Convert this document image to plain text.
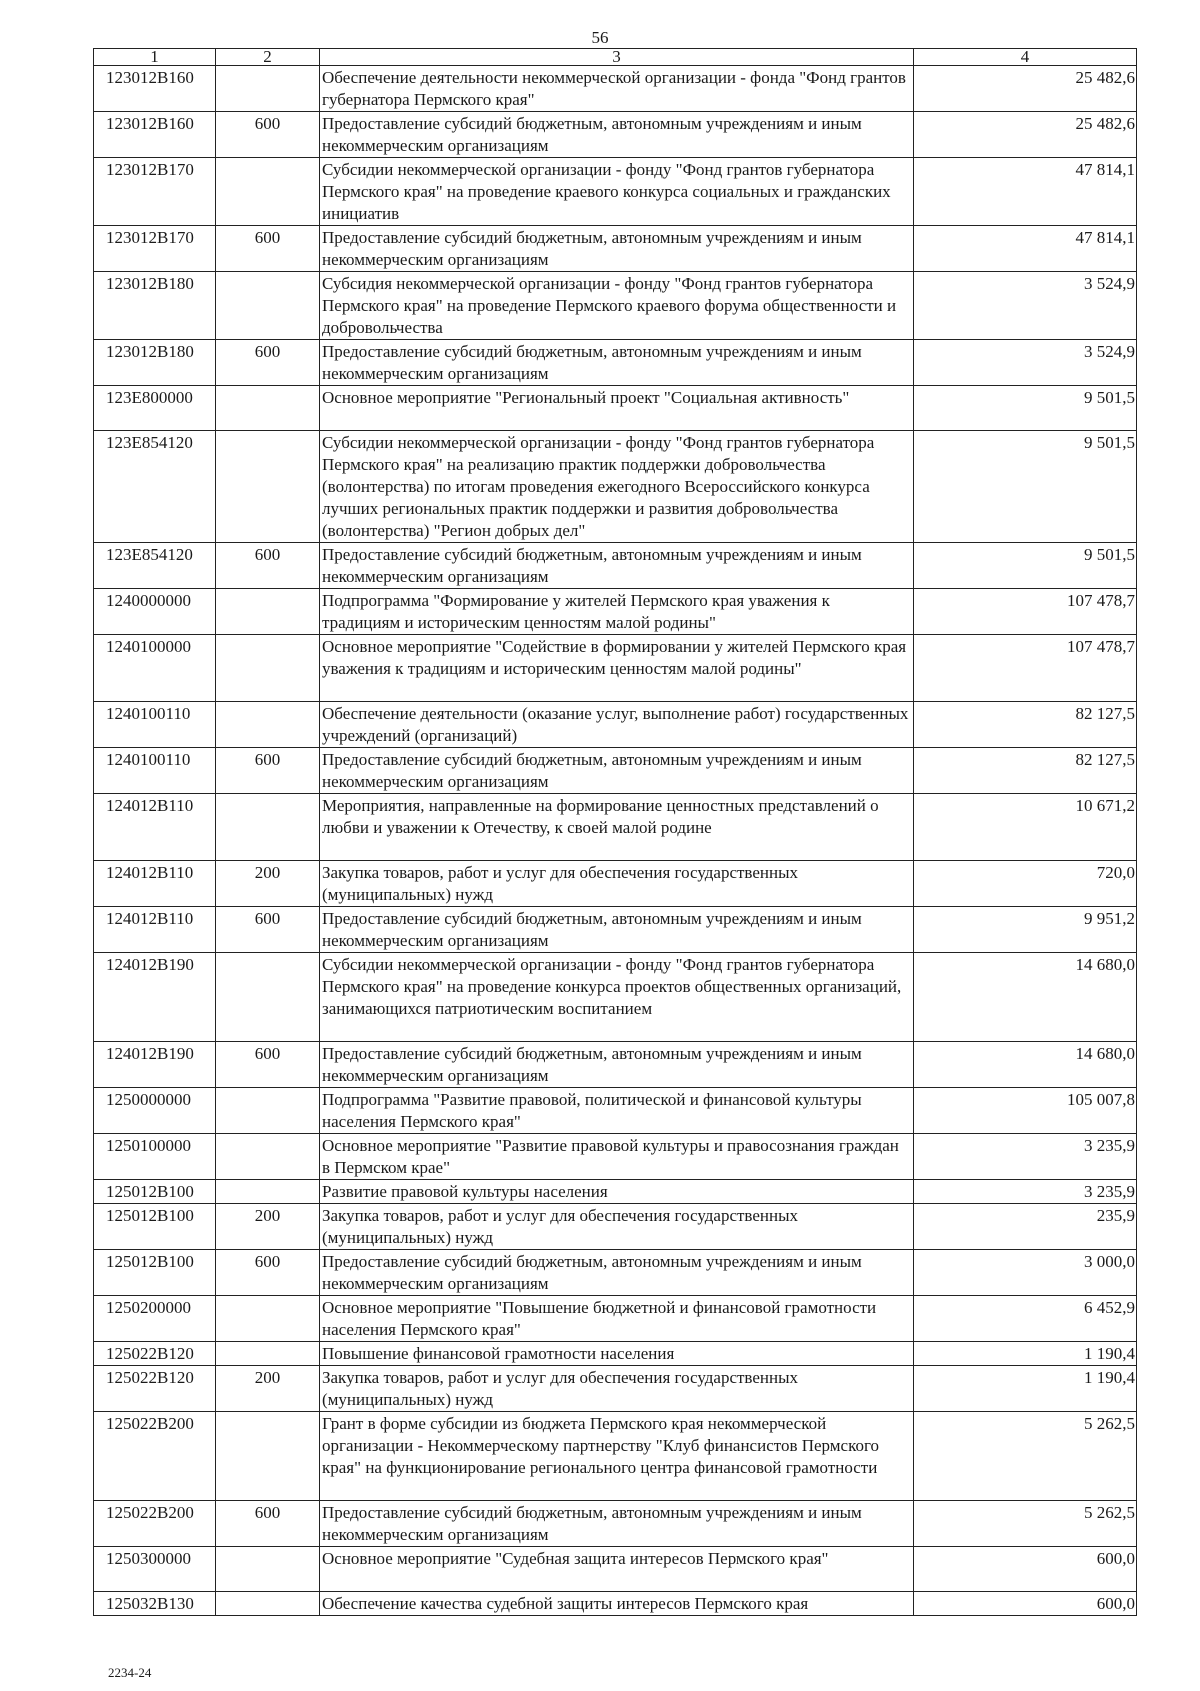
56
1	2	3	4
123012В160		Обеспечение деятельности некоммерческой организации - фонда "Фонд грантов губернатора Пермского края"	25 482,6
123012В160	600	Предоставление субсидий бюджетным, автономным учреждениям и иным некоммерческим организациям	25 482,6
123012В170		Субсидии некоммерческой организации - фонду "Фонд грантов губернатора Пермского края" на проведение краевого конкурса социальных и гражданских инициатив	47 814,1
123012В170	600	Предоставление субсидий бюджетным, автономным учреждениям и иным некоммерческим организациям	47 814,1
123012В180		Субсидия некоммерческой организации - фонду "Фонд грантов губернатора Пермского края" на проведение Пермского краевого форума общественности и добровольчества	3 524,9
123012В180	600	Предоставление субсидий бюджетным, автономным учреждениям и иным некоммерческим организациям	3 524,9
123Е800000		Основное мероприятие "Региональный проект "Социальная активность"	9 501,5
123Е854120		Субсидии некоммерческой организации - фонду "Фонд грантов губернатора Пермского края" на реализацию практик поддержки добровольчества (волонтерства) по итогам проведения ежегодного Всероссийского конкурса лучших региональных практик поддержки и развития добровольчества (волонтерства) "Регион добрых дел"	9 501,5
123Е854120	600	Предоставление субсидий бюджетным, автономным учреждениям и иным некоммерческим организациям	9 501,5
1240000000		Подпрограмма "Формирование у жителей Пермского края уважения к традициям и историческим ценностям малой родины"	107 478,7
1240100000		Основное мероприятие "Содействие в формировании у жителей Пермского края уважения к традициям и историческим ценностям малой родины"	107 478,7
1240100110		Обеспечение деятельности (оказание услуг, выполнение работ) государственных учреждений (организаций)	82 127,5
1240100110	600	Предоставление субсидий бюджетным, автономным учреждениям и иным некоммерческим организациям	82 127,5
124012В110		Мероприятия, направленные на формирование ценностных представлений о любви и уважении к Отечеству, к своей малой родине	10 671,2
124012В110	200	Закупка товаров, работ и услуг для обеспечения государственных (муниципальных) нужд	720,0
124012В110	600	Предоставление субсидий бюджетным, автономным учреждениям и иным некоммерческим организациям	9 951,2
124012В190		Субсидии некоммерческой организации - фонду "Фонд грантов губернатора Пермского края" на проведение конкурса проектов общественных организаций, занимающихся патриотическим воспитанием	14 680,0
124012В190	600	Предоставление субсидий бюджетным, автономным учреждениям и иным некоммерческим организациям	14 680,0
1250000000		Подпрограмма "Развитие правовой, политической и финансовой культуры населения Пермского края"	105 007,8
1250100000		Основное мероприятие "Развитие правовой культуры и правосознания граждан в Пермском крае"	3 235,9
125012В100		Развитие правовой культуры населения	3 235,9
125012В100	200	Закупка товаров, работ и услуг для обеспечения государственных (муниципальных) нужд	235,9
125012В100	600	Предоставление субсидий бюджетным, автономным учреждениям и иным некоммерческим организациям	3 000,0
1250200000		Основное мероприятие "Повышение бюджетной и финансовой грамотности населения Пермского края"	6 452,9
125022В120		Повышение финансовой грамотности населения	1 190,4
125022В120	200	Закупка товаров, работ и услуг для обеспечения государственных (муниципальных) нужд	1 190,4
125022В200		Грант в форме субсидии из бюджета Пермского края некоммерческой организации - Некоммерческому партнерству "Клуб финансистов Пермского края" на функционирование регионального центра финансовой грамотности	5 262,5
125022В200	600	Предоставление субсидий бюджетным, автономным учреждениям и иным некоммерческим организациям	5 262,5
1250300000		Основное мероприятие "Судебная защита интересов Пермского края"	600,0
125032В130		Обеспечение качества судебной защиты интересов Пермского края	600,0
2234-24
